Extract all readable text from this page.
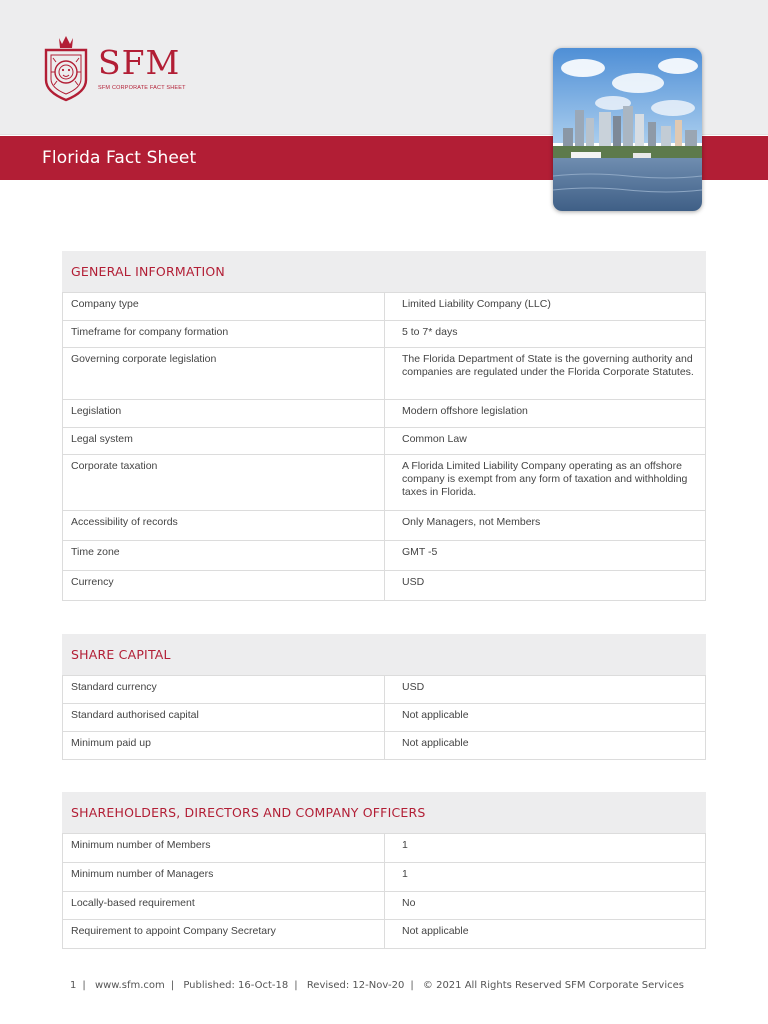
SFM
SFM CORPORATE FACT SHEET
Florida Fact Sheet
GENERAL INFORMATION
Company type	Limited Liability Company (LLC)
Timeframe for company formation	5 to 7* days
Governing corporate legislation	The Florida Department of State is the governing authority and companies are regulated under the Florida Corporate Statutes.
Legislation	Modern offshore legislation
Legal system	Common Law
Corporate taxation	A Florida Limited Liability Company operating as an offshore company is exempt from any form of taxation and withholding taxes in Florida.
Accessibility of records	Only Managers, not Members
Time zone	GMT -5
Currency	USD
SHARE CAPITAL
Standard currency	USD
Standard authorised capital	Not applicable
Minimum paid up	Not applicable
SHAREHOLDERS, DIRECTORS AND COMPANY OFFICERS
Minimum number of Members	1
Minimum number of Managers	1
Locally-based requirement	No
Requirement to appoint Company Secretary	Not applicable
1 | www.sfm.com | Published: 16-Oct-18 | Revised: 12-Nov-20 | © 2021 All Rights Reserved SFM Corporate Services
